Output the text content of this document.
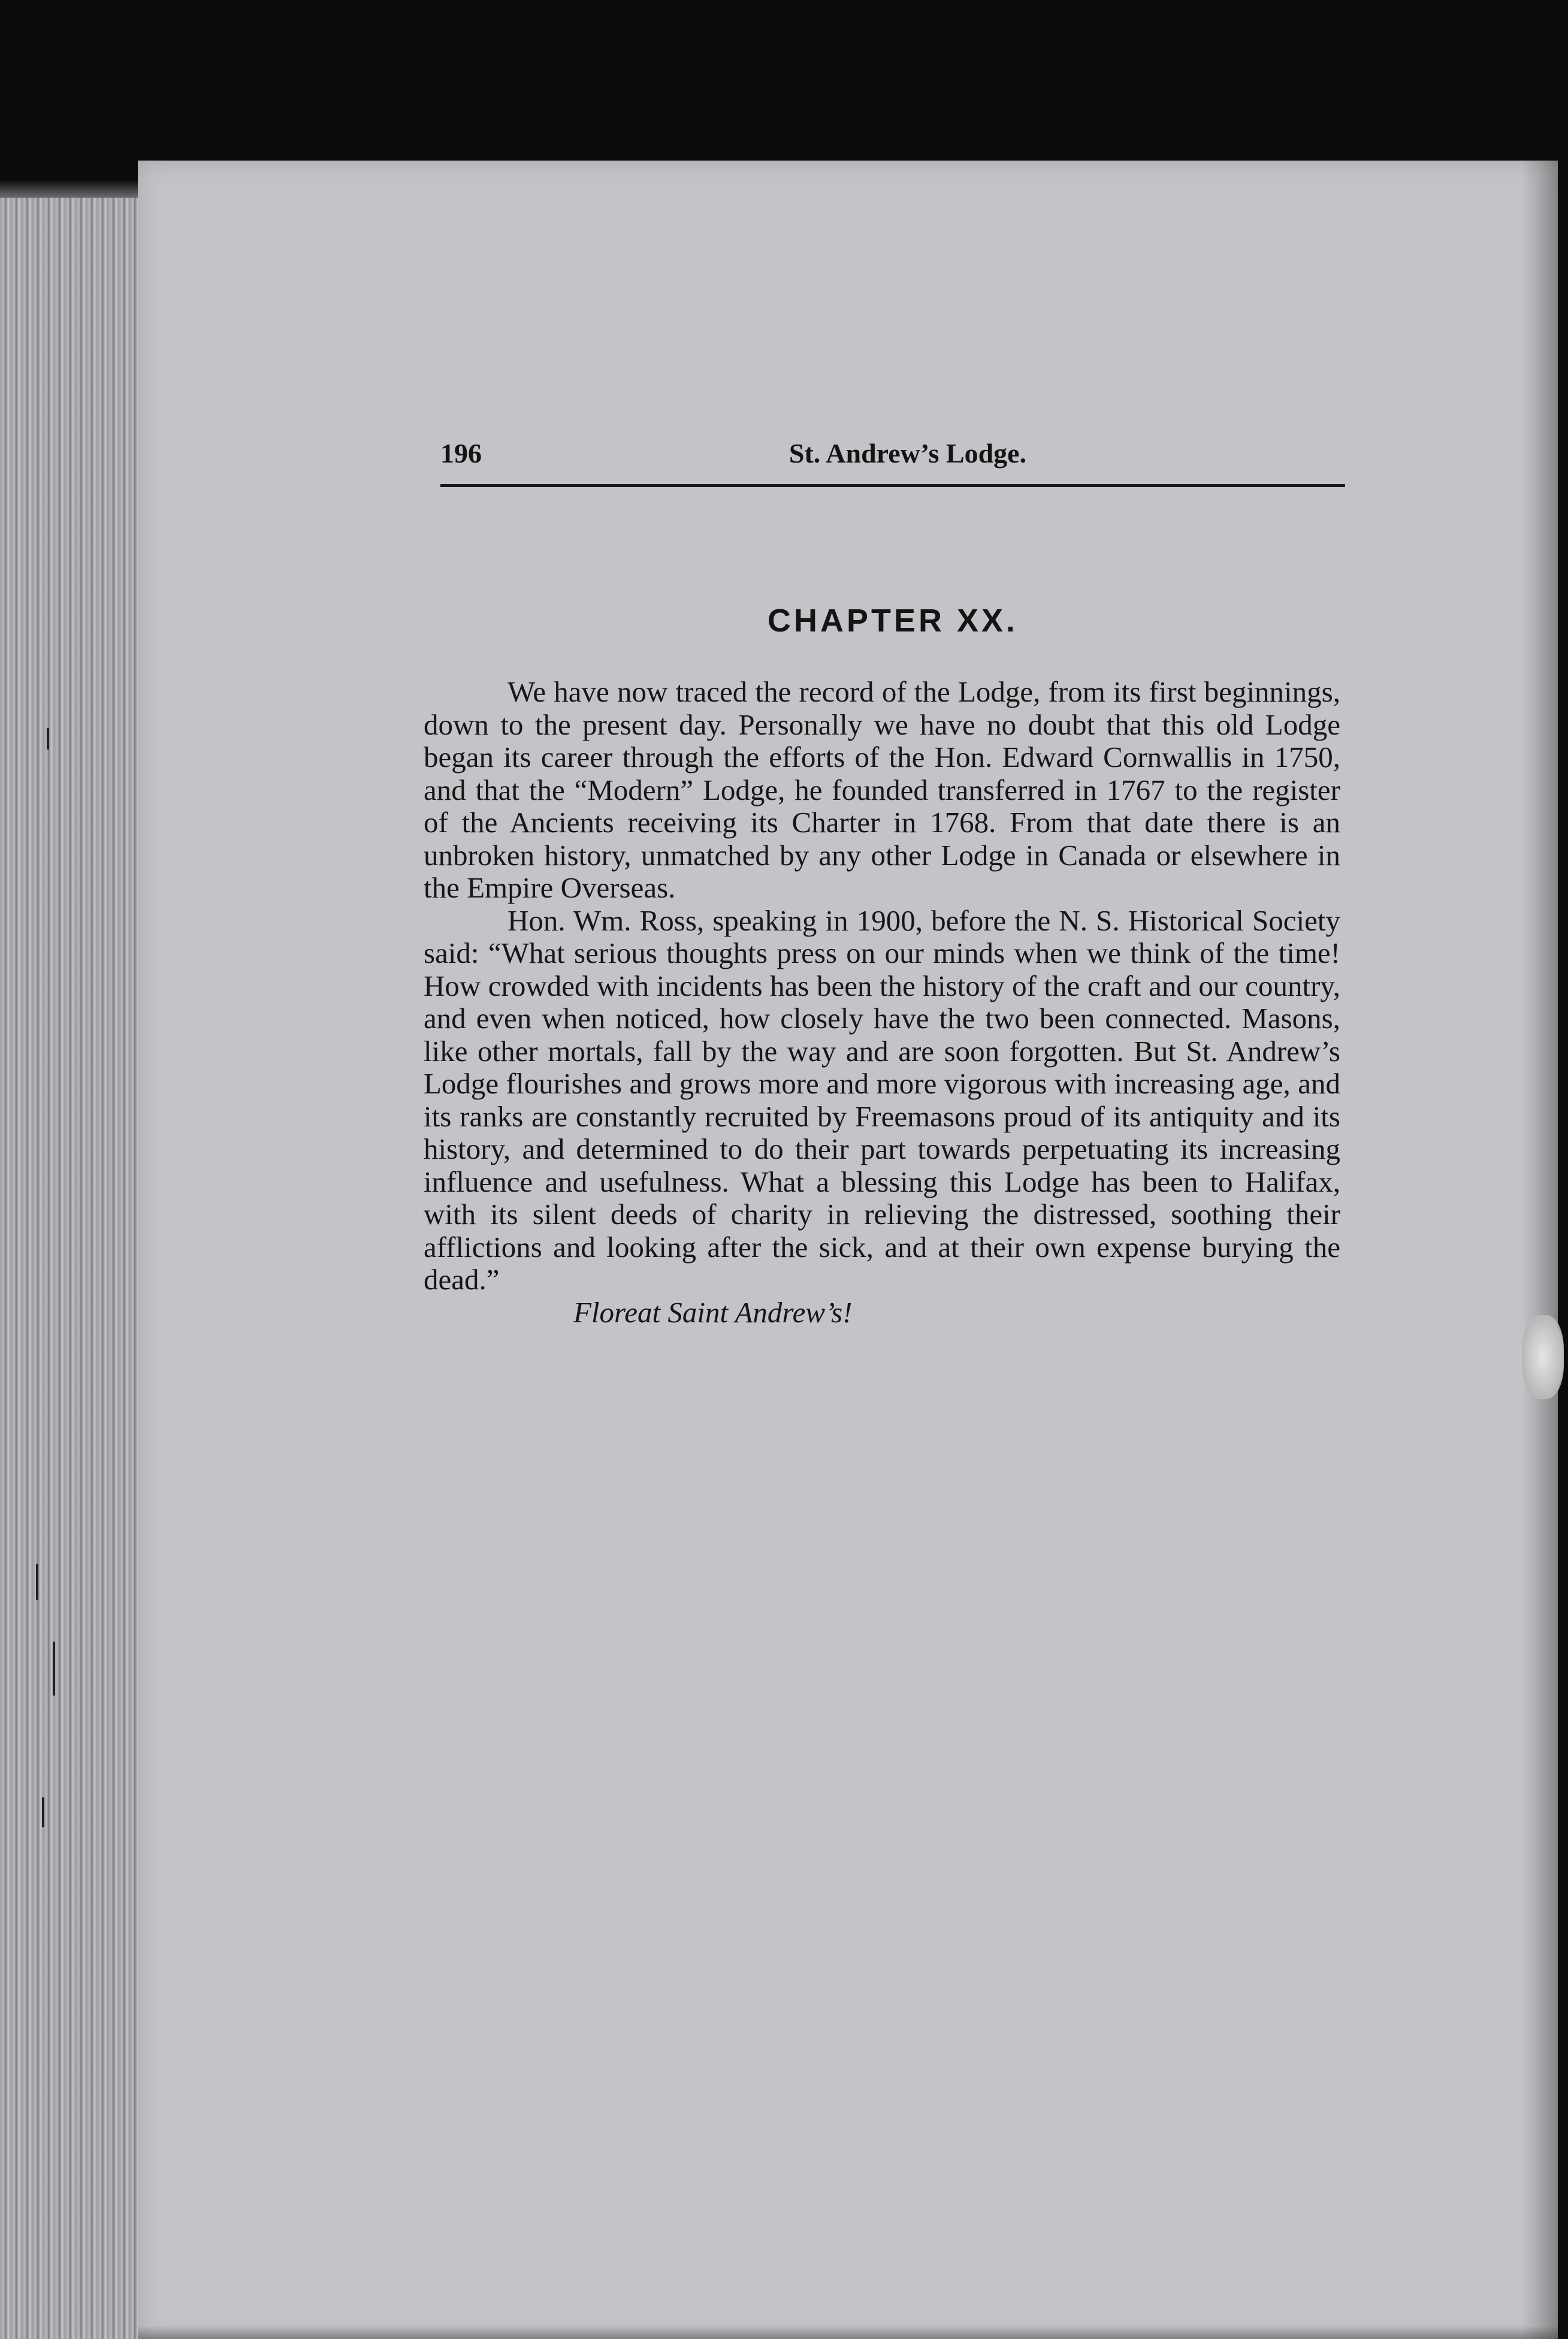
196	St. Andrew’s Lodge.
CHAPTER XX.

We have now traced the record of the Lodge, from its first beginnings, down to the present day. Personally we have no doubt that this old Lodge began its career through the efforts of the Hon. Edward Cornwallis in 1750, and that the “Modern” Lodge, he founded transferred in 1767 to the register of the Ancients receiving its Charter in 1768. From that date there is an unbroken history, unmatched by any other Lodge in Canada or elsewhere in the Empire Overseas.

Hon. Wm. Ross, speaking in 1900, before the N. S. Historical Society said: “What serious thoughts press on our minds when we think of the time! How crowded with incidents has been the history of the craft and our country, and even when noticed, how closely have the two been connected. Masons, like other mortals, fall by the way and are soon forgotten. But St. Andrew’s Lodge flourishes and grows more and more vigorous with increasing age, and its ranks are constantly recruited by Freemasons proud of its antiquity and its history, and determined to do their part towards perpetuating its increasing influence and usefulness. What a blessing this Lodge has been to Halifax, with its silent deeds of charity in relieving the distressed, soothing their afflictions and looking after the sick, and at their own expense burying the dead.”

Floreat Saint Andrew’s!
